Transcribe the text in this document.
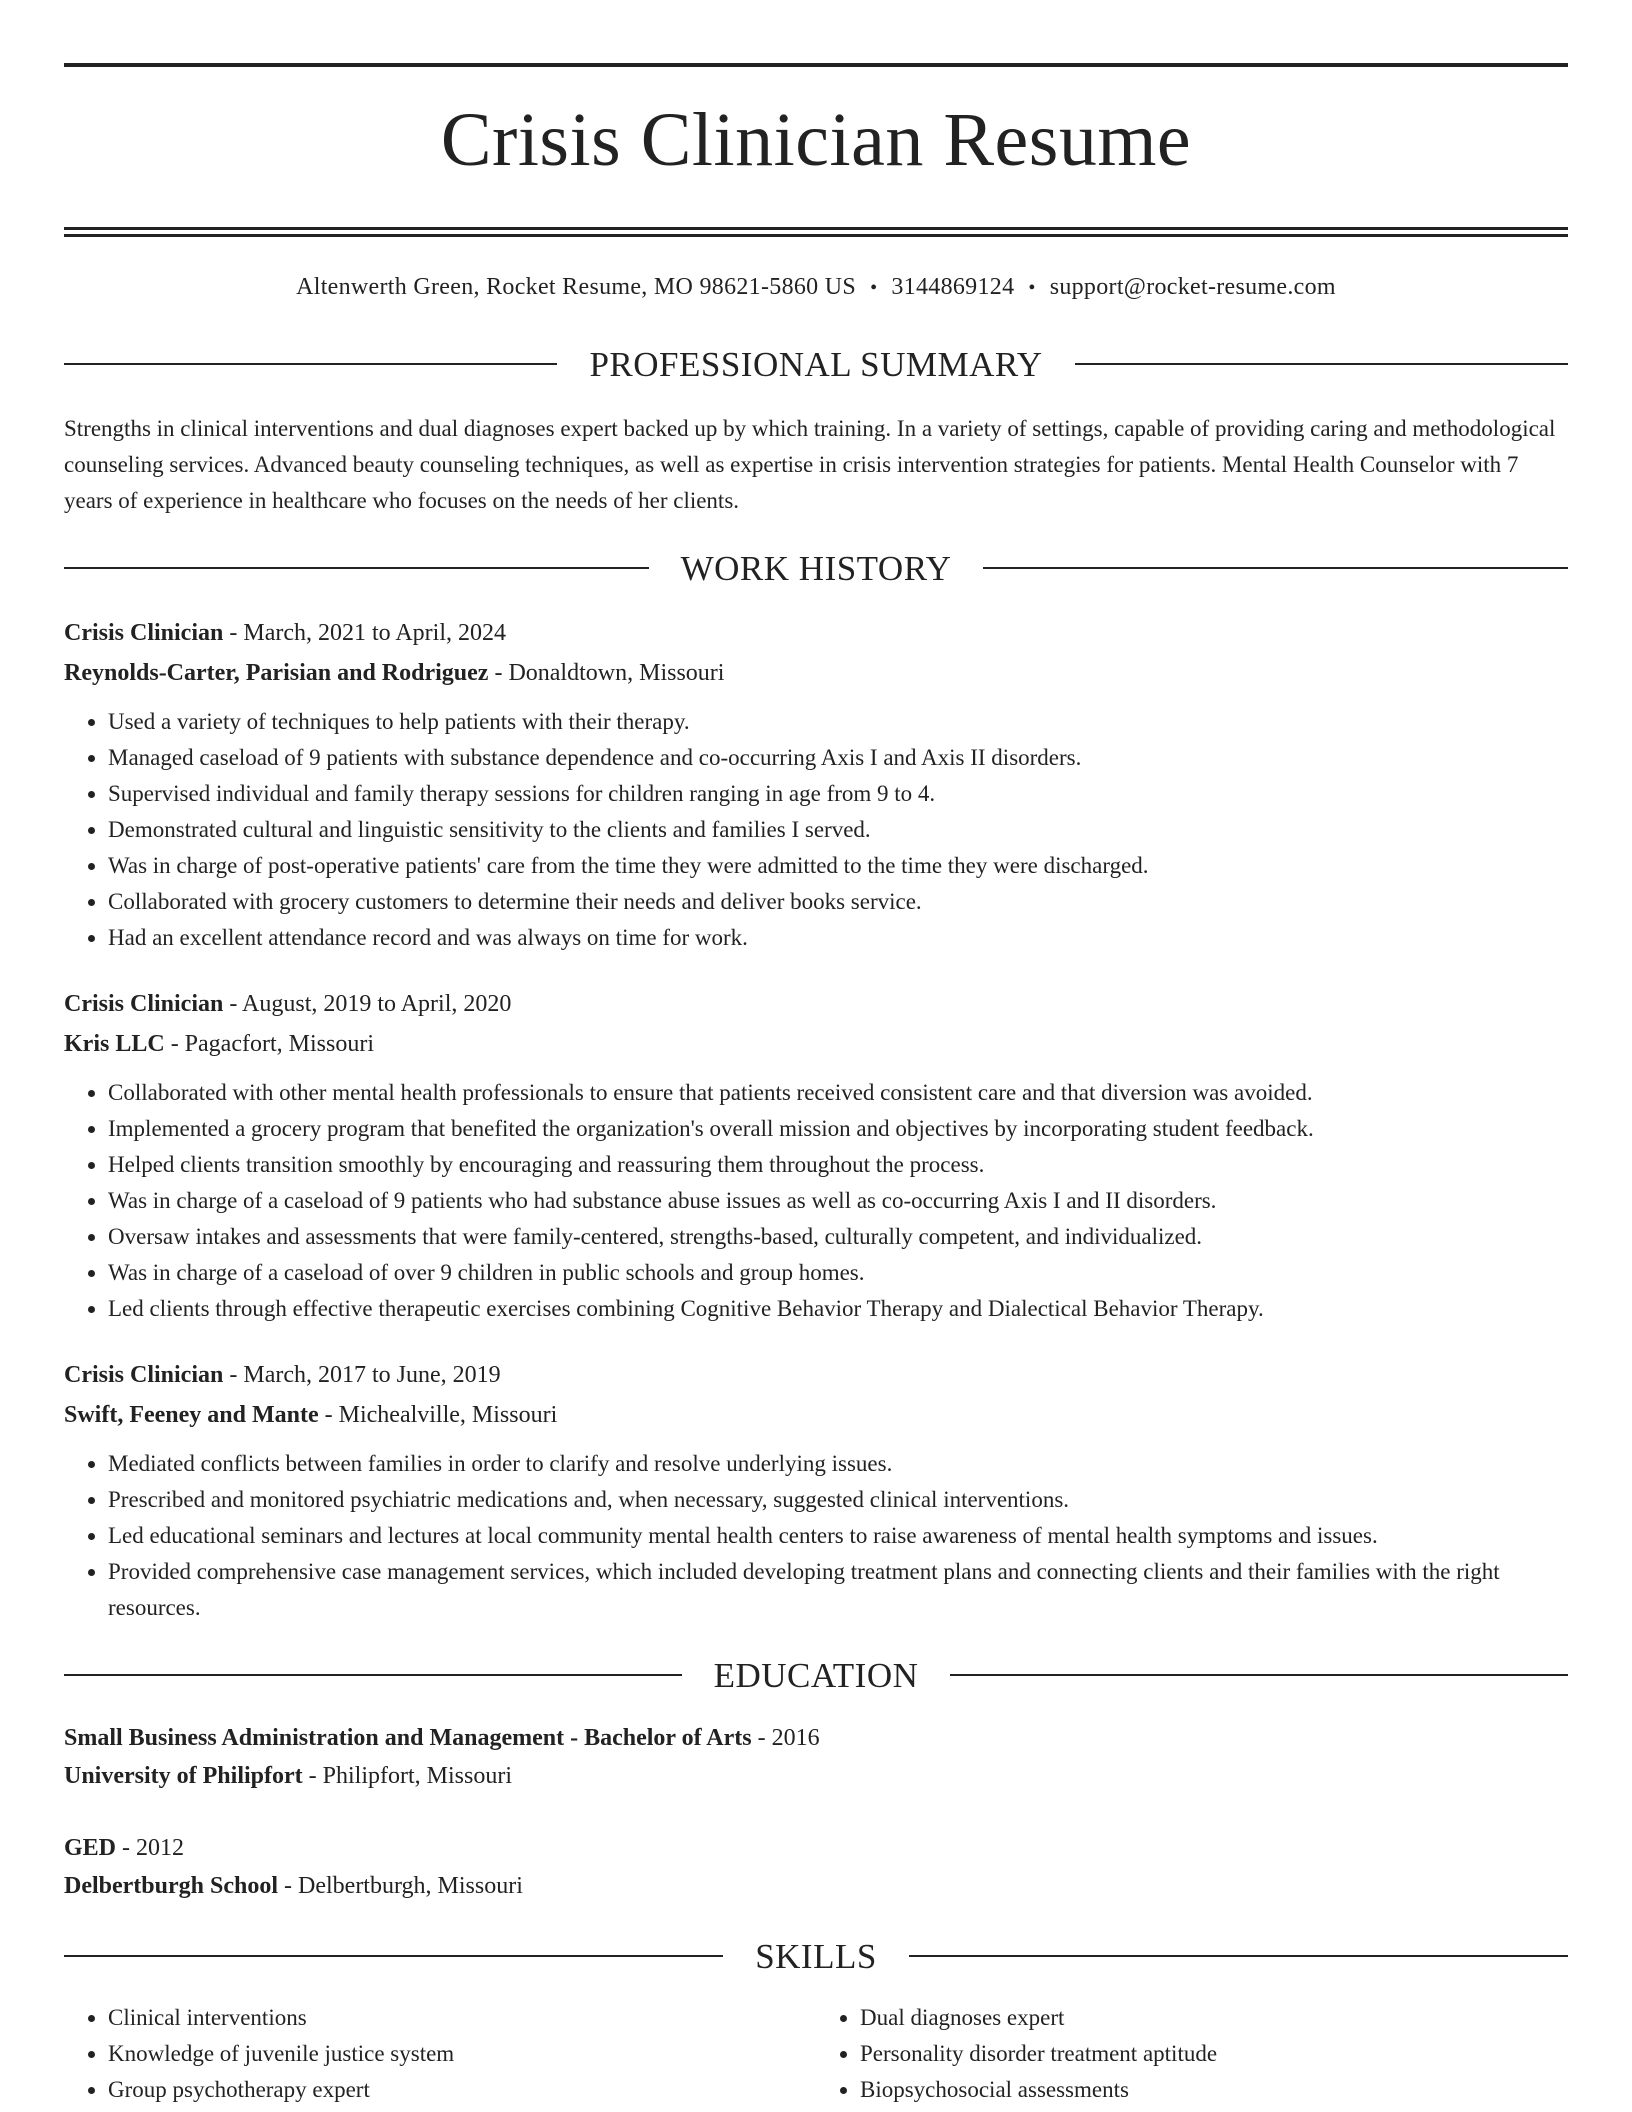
Crisis Clinician Resume
Altenwerth Green, Rocket Resume, MO 98621-5860 US • 3144869124 • support@rocket-resume.com
PROFESSIONAL SUMMARY

Strengths in clinical interventions and dual diagnoses expert backed up by which training. In a variety of settings, capable of providing caring and methodological counseling services. Advanced beauty counseling techniques, as well as expertise in crisis intervention strategies for patients. Mental Health Counselor with 7 years of experience in healthcare who focuses on the needs of her clients.

WORK HISTORY

Crisis Clinician - March, 2021 to April, 2024

Reynolds-Carter, Parisian and Rodriguez - Donaldtown, Missouri

• Used a variety of techniques to help patients with their therapy.
• Managed caseload of 9 patients with substance dependence and co-occurring Axis I and Axis II disorders.
• Supervised individual and family therapy sessions for children ranging in age from 9 to 4.
• Demonstrated cultural and linguistic sensitivity to the clients and families I served.
• Was in charge of post-operative patients' care from the time they were admitted to the time they were discharged.
• Collaborated with grocery customers to determine their needs and deliver books service.
• Had an excellent attendance record and was always on time for work.

Crisis Clinician - August, 2019 to April, 2020

Kris LLC - Pagacfort, Missouri

• Collaborated with other mental health professionals to ensure that patients received consistent care and that diversion was avoided.
• Implemented a grocery program that benefited the organization's overall mission and objectives by incorporating student feedback.
• Helped clients transition smoothly by encouraging and reassuring them throughout the process.
• Was in charge of a caseload of 9 patients who had substance abuse issues as well as co-occurring Axis I and II disorders.
• Oversaw intakes and assessments that were family-centered, strengths-based, culturally competent, and individualized.
• Was in charge of a caseload of over 9 children in public schools and group homes.
• Led clients through effective therapeutic exercises combining Cognitive Behavior Therapy and Dialectical Behavior Therapy.

Crisis Clinician - March, 2017 to June, 2019

Swift, Feeney and Mante - Michealville, Missouri

• Mediated conflicts between families in order to clarify and resolve underlying issues.
• Prescribed and monitored psychiatric medications and, when necessary, suggested clinical interventions.
• Led educational seminars and lectures at local community mental health centers to raise awareness of mental health symptoms and issues.
• Provided comprehensive case management services, which included developing treatment plans and connecting clients and their families with the right resources.
EDUCATION

Small Business Administration and Management - Bachelor of Arts - 2016

University of Philipfort - Philipfort, Missouri

GED - 2012

Delbertburgh School - Delbertburgh, Missouri

SKILLS
• Clinical interventions
• Knowledge of juvenile justice system
• Group psychotherapy expert
• Dual diagnoses expert
• Personality disorder treatment aptitude
• Biopsychosocial assessments
